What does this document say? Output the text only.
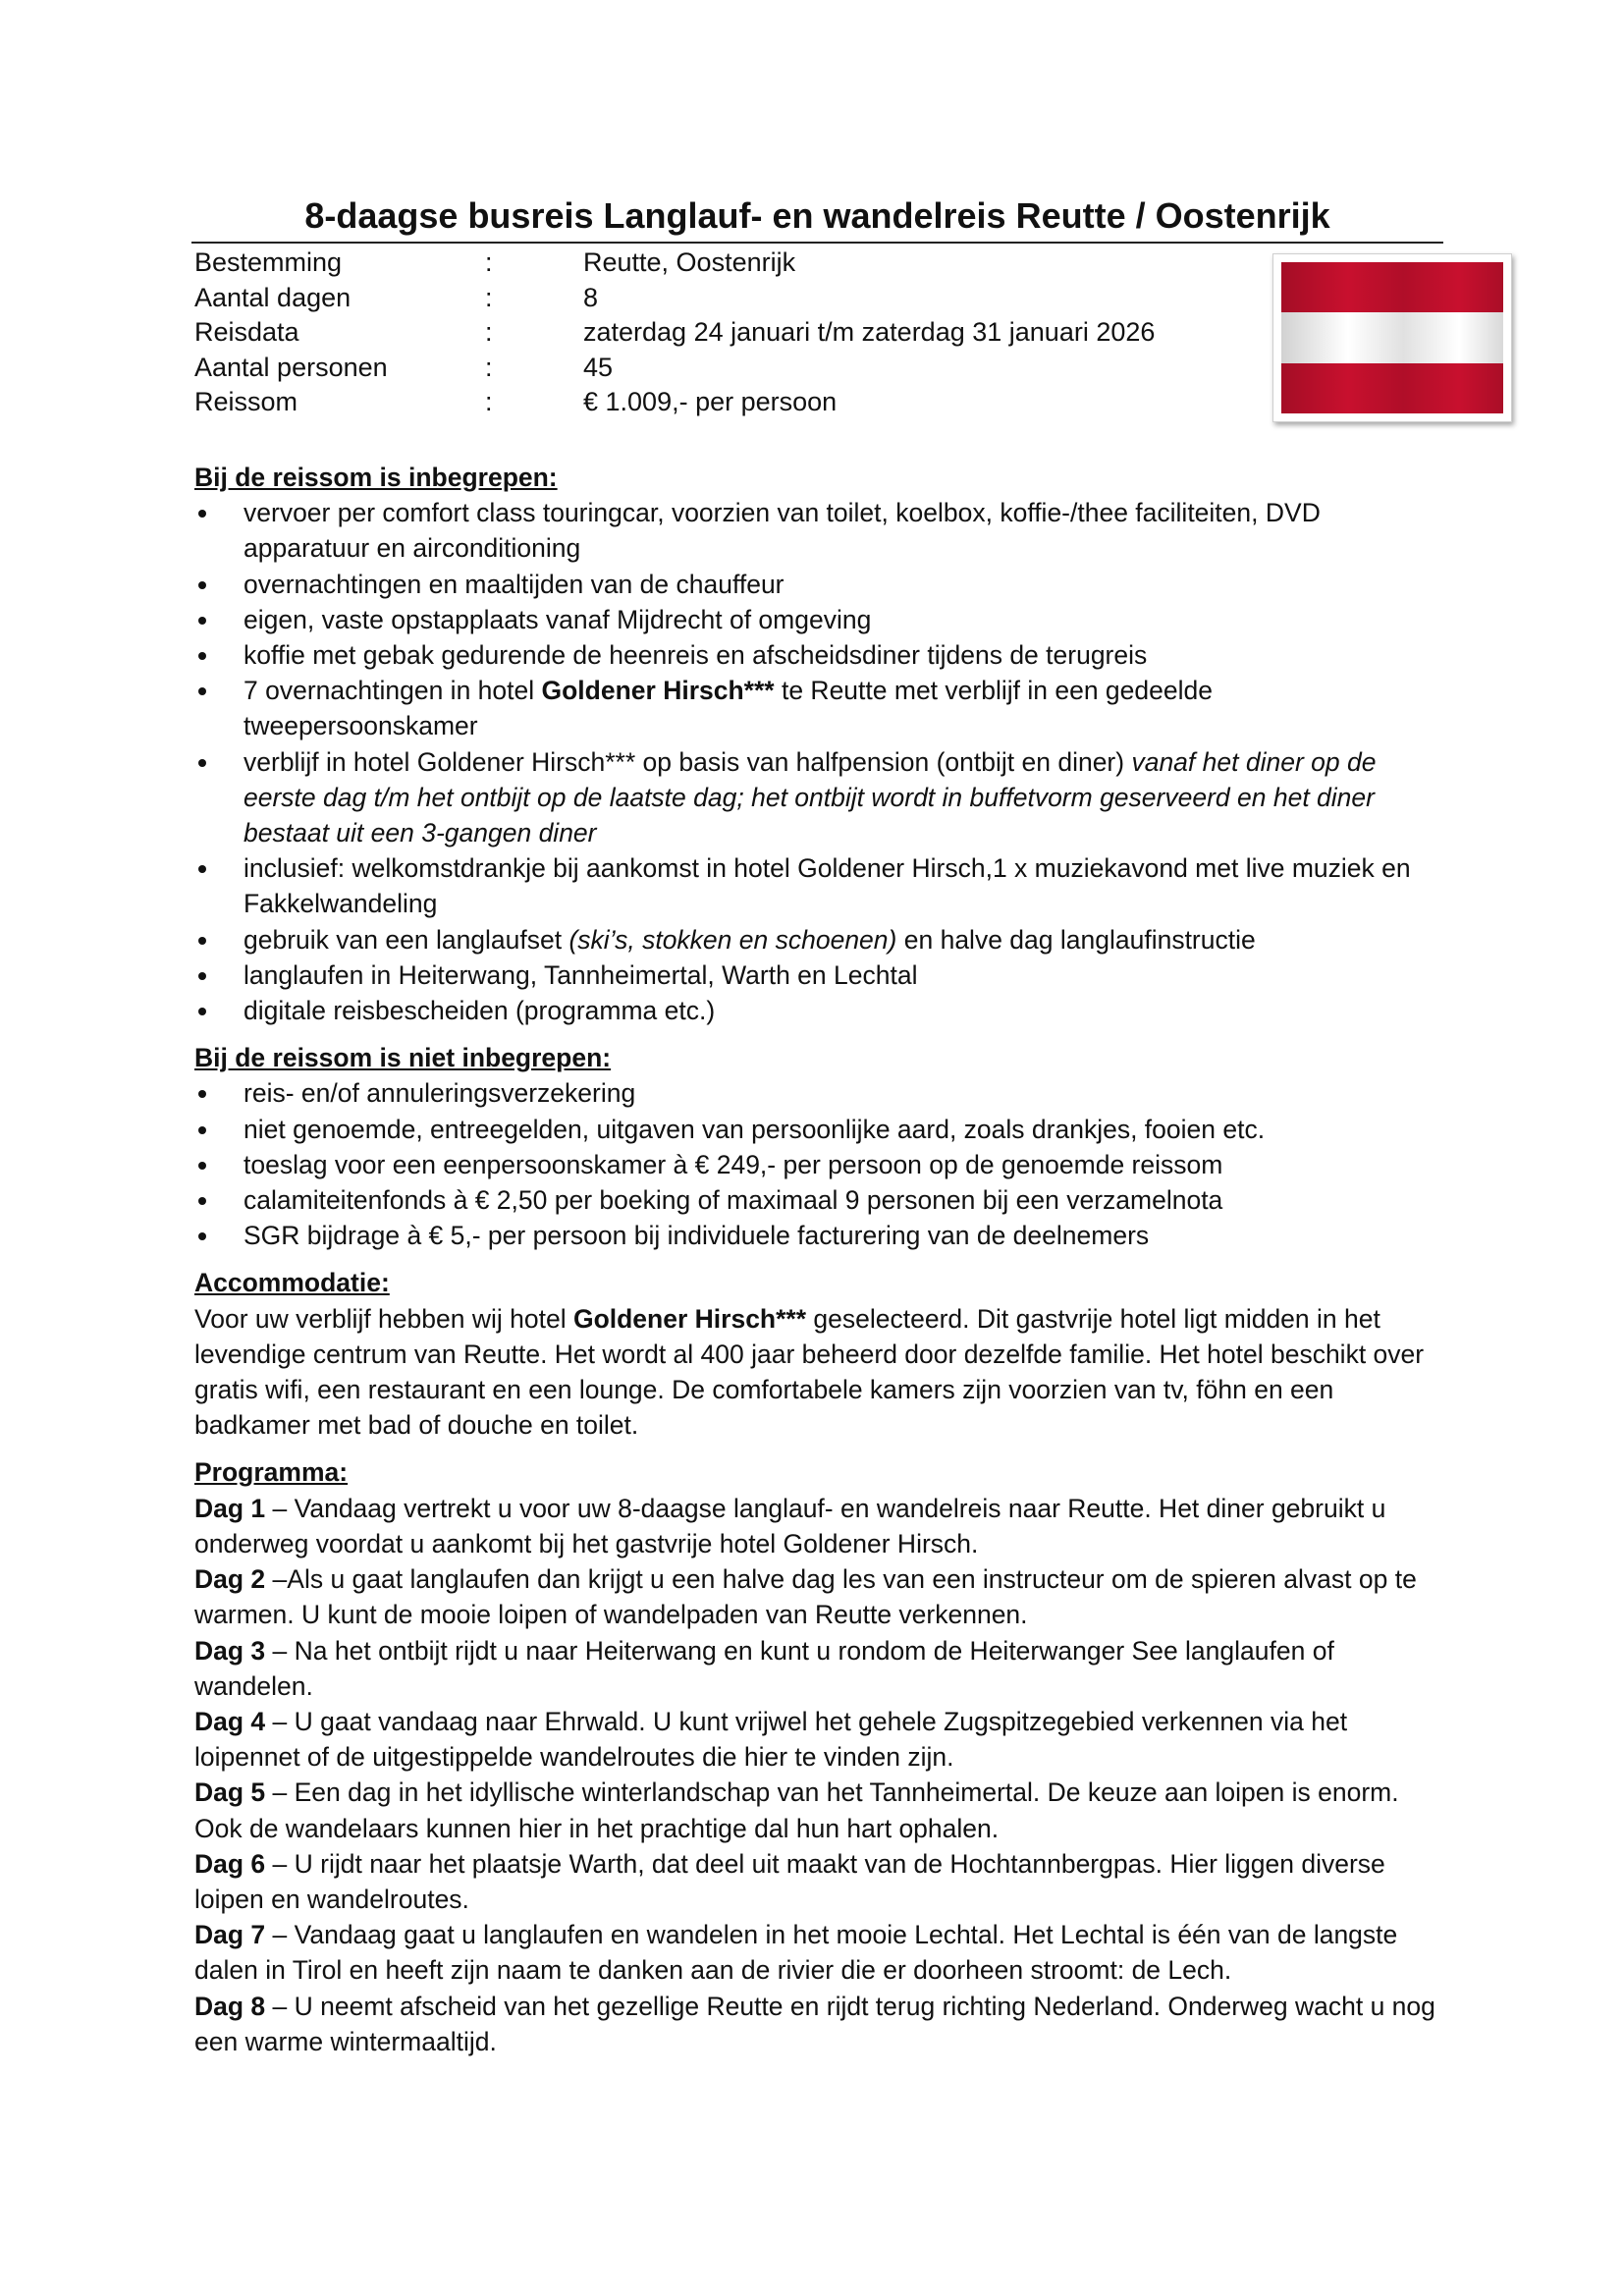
8-daagse busreis Langlauf- en wandelreis Reutte / Oostenrijk
Bestemming	:	Reutte, Oostenrijk
Aantal dagen	:	8
Reisdata	:	zaterdag 24 januari t/m zaterdag 31 januari 2026
Aantal personen	:	45
Reissom	:	€ 1.009,- per persoon

Bij de reissom is inbegrepen:

vervoer per comfort class touringcar, voorzien van toilet, koelbox, koffie-/thee faciliteiten, DVD apparatuur en airconditioning
overnachtingen en maaltijden van de chauffeur
eigen, vaste opstapplaats vanaf Mijdrecht of omgeving
koffie met gebak gedurende de heenreis en afscheidsdiner tijdens de terugreis
7 overnachtingen in hotel Goldener Hirsch*** te Reutte met verblijf in een gedeelde tweepersoonskamer
verblijf in hotel Goldener Hirsch*** op basis van halfpension (ontbijt en diner) vanaf het diner op de eerste dag t/m het ontbijt op de laatste dag; het ontbijt wordt in buffetvorm geserveerd en het diner bestaat uit een 3-gangen diner
inclusief: welkomstdrankje bij aankomst in hotel Goldener Hirsch,1 x muziekavond met live muziek en Fakkelwandeling
gebruik van een langlaufset (ski’s, stokken en schoenen) en halve dag langlaufinstructie
langlaufen in Heiterwang, Tannheimertal, Warth en Lechtal
digitale reisbescheiden (programma etc.)

Bij de reissom is niet inbegrepen:

reis- en/of annuleringsverzekering
niet genoemde, entreegelden, uitgaven van persoonlijke aard, zoals drankjes, fooien etc.
toeslag voor een eenpersoonskamer à € 249,- per persoon op de genoemde reissom
calamiteitenfonds à € 2,50 per boeking of maximaal 9 personen bij een verzamelnota
SGR bijdrage à € 5,- per persoon bij individuele facturering van de deelnemers

Accommodatie:

Voor uw verblijf hebben wij hotel Goldener Hirsch*** geselecteerd. Dit gastvrije hotel ligt midden in het levendige centrum van Reutte. Het wordt al 400 jaar beheerd door dezelfde familie. Het hotel beschikt over gratis wifi, een restaurant en een lounge. De comfortabele kamers zijn voorzien van tv, föhn en een badkamer met bad of douche en toilet.

Programma:

Dag 1 – Vandaag vertrekt u voor uw 8-daagse langlauf- en wandelreis naar Reutte. Het diner gebruikt u onderweg voordat u aankomt bij het gastvrije hotel Goldener Hirsch.

Dag 2 –Als u gaat langlaufen dan krijgt u een halve dag les van een instructeur om de spieren alvast op te warmen. U kunt de mooie loipen of wandelpaden van Reutte verkennen.

Dag 3 – Na het ontbijt rijdt u naar Heiterwang en kunt u rondom de Heiterwanger See langlaufen of wandelen.

Dag 4 – U gaat vandaag naar Ehrwald. U kunt vrijwel het gehele Zugspitzegebied verkennen via het loipennet of de uitgestippelde wandelroutes die hier te vinden zijn.

Dag 5 – Een dag in het idyllische winterlandschap van het Tannheimertal. De keuze aan loipen is enorm. Ook de wandelaars kunnen hier in het prachtige dal hun hart ophalen.

Dag 6 – U rijdt naar het plaatsje Warth, dat deel uit maakt van de Hochtannbergpas. Hier liggen diverse loipen en wandelroutes.

Dag 7 – Vandaag gaat u langlaufen en wandelen in het mooie Lechtal. Het Lechtal is één van de langste dalen in Tirol en heeft zijn naam te danken aan de rivier die er doorheen stroomt: de Lech.

Dag 8 – U neemt afscheid van het gezellige Reutte en rijdt terug richting Nederland. Onderweg wacht u nog een warme wintermaaltijd.
